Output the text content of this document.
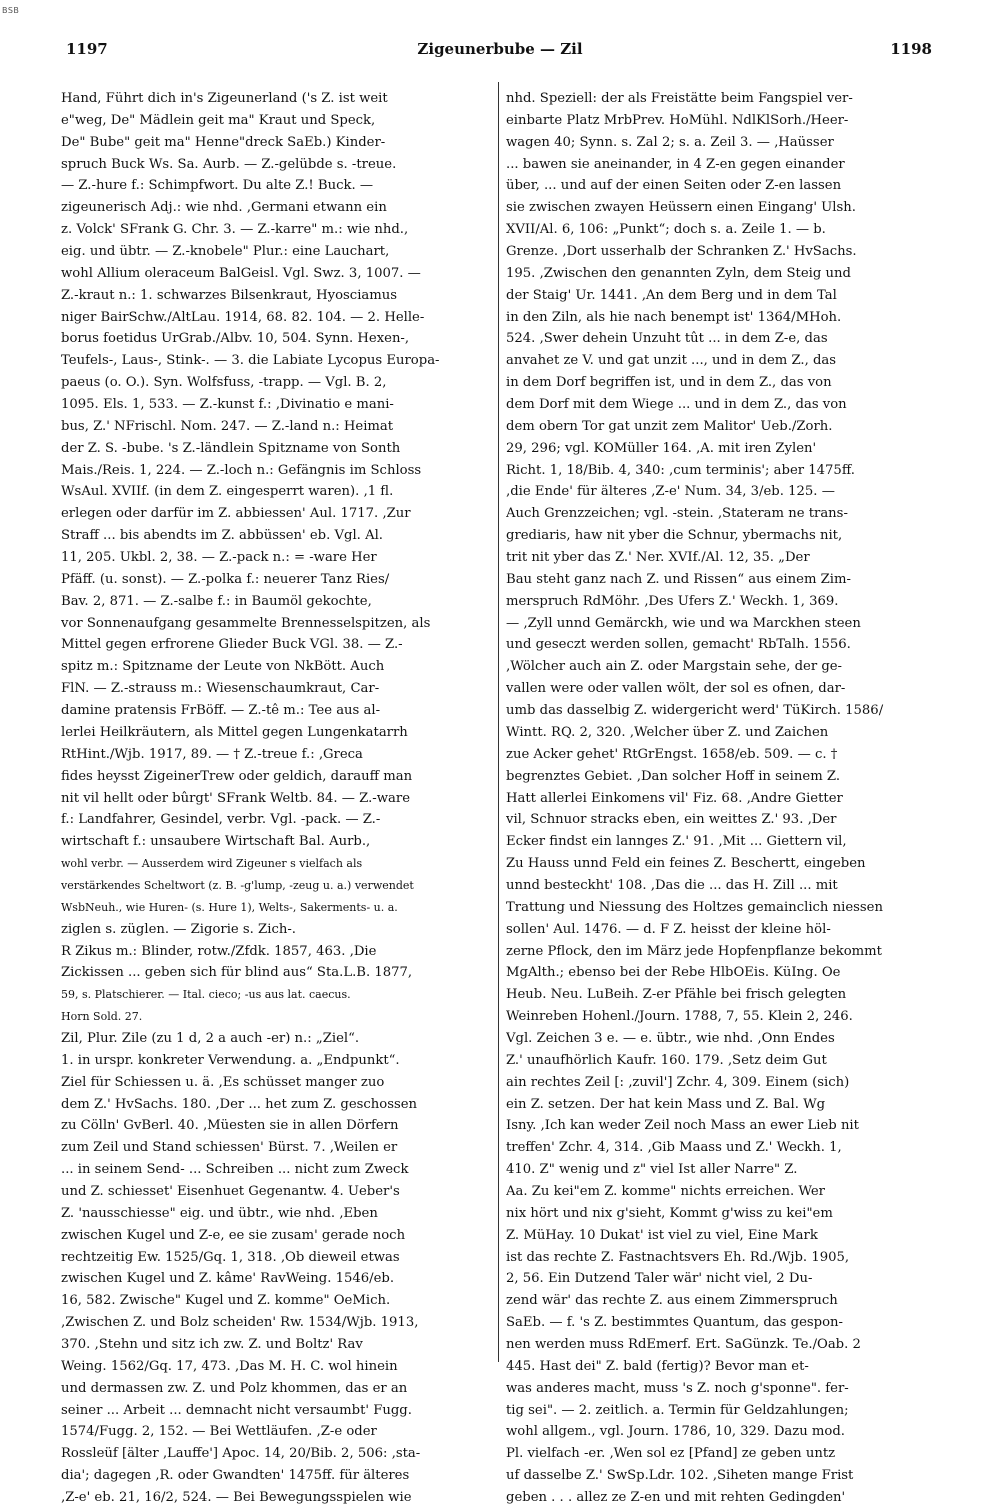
BSB
1197	Zigeunerbube — Zil	1198
Hand, Führt dich in's Zigeunerland ('s Z. ist weit
e"weg, De" Mädlein geit ma" Kraut und Speck,
De" Bube" geit ma" Henne"dreck SaEb.) Kinder-
spruch Buck Ws. Sa. Aurb. — Z.-gelübde s. -treue.
— Z.-hure f.: Schimpfwort. Du alte Z.! Buck. —
zigeunerisch Adj.: wie nhd. ‚Germani etwann ein
z. Volck' SFrank G. Chr. 3. — Z.-karre" m.: wie nhd.,
eig. und übtr. — Z.-knobele" Plur.: eine Lauchart,
wohl Allium oleraceum BalGeisl. Vgl. Swz. 3, 1007. —
Z.-kraut n.: 1. schwarzes Bilsenkraut, Hyosciamus
niger BairSchw./AltLau. 1914, 68. 82. 104. — 2. Helle-
borus foetidus UrGrab./Albv. 10, 504. Synn. Hexen-,
Teufels-, Laus-, Stink-. — 3. die Labiate Lycopus Europa-
paeus (o. O.). Syn. Wolfsfuss, -trapp. — Vgl. B. 2,
1095. Els. 1, 533. — Z.-kunst f.: ‚Divinatio e mani-
bus, Z.' NFrischl. Nom. 247. — Z.-land n.: Heimat
der Z. S. -bube. 's Z.-ländlein Spitzname von Sonth
Mais./Reis. 1, 224. — Z.-loch n.: Gefängnis im Schloss
WsAul. XVIIf. (in dem Z. eingesperrt waren). ‚1 fl.
erlegen oder darfür im Z. abbiessen' Aul. 1717. ‚Zur
Straff ... bis abendts im Z. abbüssen' eb. Vgl. Al.
11, 205. Ukbl. 2, 38. — Z.-pack n.: = -ware Her
Pfäff. (u. sonst). — Z.-polka f.: neuerer Tanz Ries/
Bav. 2, 871. — Z.-salbe f.: in Baumöl gekochte,
vor Sonnenaufgang gesammelte Brennesselspitzen, als
Mittel gegen erfrorene Glieder Buck VGl. 38. — Z.-
spitz m.: Spitzname der Leute von NkBött. Auch
FlN. — Z.-strauss m.: Wiesenschaumkraut, Car-
damine pratensis FrBöff. — Z.-tê m.: Tee aus al-
lerlei Heilkräutern, als Mittel gegen Lungenkatarrh
RtHint./Wjb. 1917, 89. — † Z.-treue f.: ‚Greca
fides heysst ZigeinerTrew oder geldich, darauff man
nit vil hellt oder bûrgt' SFrank Weltb. 84. — Z.-ware
f.: Landfahrer, Gesindel, verbr. Vgl. -pack. — Z.-
wirtschaft f.: unsaubere Wirtschaft Bal. Aurb.,
wohl verbr. — Ausserdem wird Zigeuner s vielfach als
verstärkendes Scheltwort (z. B. -g'lump, -zeug u. a.) verwendet
WsbNeuh., wie Huren- (s. Hure 1), Welts-, Sakerments- u. a.
ziglen s. züglen. — Zigorie s. Zich-.
R Zikus m.: Blinder, rotw./Zfdk. 1857, 463. ‚Die
Zickissen ... geben sich für blind aus“ Sta.L.B. 1877,
59, s. Platschierer. — Ital. cieco; -us aus lat. caecus.
Horn Sold. 27.
Zil, Plur. Zile (zu 1 d, 2 a auch -er) n.: „Ziel“.
1. in urspr. konkreter Verwendung. a. „Endpunkt“.
Ziel für Schiessen u. ä. ‚Es schüsset manger zuo
dem Z.' HvSachs. 180. ‚Der ... het zum Z. geschossen
zu Cölln' GvBerl. 40. ‚Müesten sie in allen Dörfern
zum Zeil und Stand schiessen' Bürst. 7. ‚Weilen er
... in seinem Send- ... Schreiben ... nicht zum Zweck
und Z. schiesset' Eisenhuet Gegenantw. 4. Ueber's
Z. 'nausschiesse" eig. und übtr., wie nhd. ‚Eben
zwischen Kugel und Z-e, ee sie zusam' gerade noch
rechtzeitig Ew. 1525/Gq. 1, 318. ‚Ob dieweil etwas
zwischen Kugel und Z. kâme' RavWeing. 1546/eb.
16, 582. Zwische" Kugel und Z. komme" OeMich.
‚Zwischen Z. und Bolz scheiden' Rw. 1534/Wjb. 1913,
370. ‚Stehn und sitz ich zw. Z. und Boltz' Rav
Weing. 1562/Gq. 17, 473. ‚Das M. H. C. wol hinein
und dermassen zw. Z. und Polz khommen, das er an
seiner ... Arbeit ... demnacht nicht versaumbt' Fugg.
1574/Fugg. 2, 152. — Bei Wettläufen. ‚Z-e oder
Rossleüf [älter ‚Lauffe'] Apoc. 14, 20/Bib. 2, 506: ‚sta-
dia'; dagegen ‚R. oder Gwandten' 1475ff. für älteres
‚Z-e' eb. 21, 16/2, 524. — Bei Bewegungsspielen wie
nhd. Speziell: der als Freistätte beim Fangspiel ver-
einbarte Platz MrbPrev. HoMühl. NdlKlSorh./Heer-
wagen 40; Synn. s. Zal 2; s. a. Zeil 3. — ‚Haüsser
... bawen sie aneinander, in 4 Z-en gegen einander
über, ... und auf der einen Seiten oder Z-en lassen
sie zwischen zwayen Heüssern einen Eingang' Ulsh.
XVII/Al. 6, 106: „Punkt“; doch s. a. Zeile 1. — b.
Grenze. ‚Dort usserhalb der Schranken Z.' HvSachs.
195. ‚Zwischen den genannten Zyln, dem Steig und
der Staig' Ur. 1441. ‚An dem Berg und in dem Tal
in den Ziln, als hie nach benempt ist' 1364/MHoh.
524. ‚Swer dehein Unzuht tût ... in dem Z-e, das
anvahet ze V. und gat unzit ..., und in dem Z., das
in dem Dorf begriffen ist, und in dem Z., das von
dem Dorf mit dem Wiege ... und in dem Z., das von
dem obern Tor gat unzit zem Malitor' Ueb./Zorh.
29, 296; vgl. KOMüller 164. ‚A. mit iren Zylen'
Richt. 1, 18/Bib. 4, 340: ‚cum terminis'; aber 1475ff.
‚die Ende' für älteres ‚Z-e' Num. 34, 3/eb. 125. —
Auch Grenzzeichen; vgl. -stein. ‚Stateram ne trans-
grediaris, haw nit yber die Schnur, ybermachs nit,
trit nit yber das Z.' Ner. XVIf./Al. 12, 35. „Der
Bau steht ganz nach Z. und Rissen“ aus einem Zim-
merspruch RdMöhr. ‚Des Ufers Z.' Weckh. 1, 369.
— ‚Zyll unnd Gemärckh, wie und wa Marckhen steen
und geseczt werden sollen, gemacht' RbTalh. 1556.
‚Wölcher auch ain Z. oder Margstain sehe, der ge-
vallen were oder vallen wölt, der sol es ofnen, dar-
umb das dasselbig Z. widergericht werd' TüKirch. 1586/
Wintt. RQ. 2, 320. ‚Welcher über Z. und Zaichen
zue Acker gehet' RtGrEngst. 1658/eb. 509. — c. †
begrenztes Gebiet. ‚Dan solcher Hoff in seinem Z.
Hatt allerlei Einkomens vil' Fiz. 68. ‚Andre Gietter
vil, Schnuor stracks eben, ein weittes Z.' 93. ‚Der
Ecker findst ein lannges Z.' 91. ‚Mit ... Giettern vil,
Zu Hauss unnd Feld ein feines Z. Beschertt, eingeben
unnd besteckht' 108. ‚Das die ... das H. Zill ... mit
Trattung und Niessung des Holtzes gemainclich niessen
sollen' Aul. 1476. — d. F Z. heisst der kleine höl-
zerne Pflock, den im März jede Hopfenpflanze bekommt
MgAlth.; ebenso bei der Rebe HlbOEis. KüIng. Oe
Heub. Neu. LuBeih. Z-er Pfähle bei frisch gelegten
Weinreben Hohenl./Journ. 1788, 7, 55. Klein 2, 246.
Vgl. Zeichen 3 e. — e. übtr., wie nhd. ‚Onn Endes
Z.' unaufhörlich Kaufr. 160. 179. ‚Setz deim Gut
ain rechtes Zeil [: ‚zuvil'] Zchr. 4, 309. Einem (sich)
ein Z. setzen. Der hat kein Mass und Z. Bal. Wg
Isny. ‚Ich kan weder Zeil noch Mass an ewer Lieb nit
treffen' Zchr. 4, 314. ‚Gib Maass und Z.' Weckh. 1,
410. Z" wenig und z" viel Ist aller Narre" Z.
Aa. Zu kei"em Z. komme" nichts erreichen. Wer
nix hört und nix g'sieht, Kommt g'wiss zu kei"em
Z. MüHay. 10 Dukat' ist viel zu viel, Eine Mark
ist das rechte Z. Fastnachtsvers Eh. Rd./Wjb. 1905,
2, 56. Ein Dutzend Taler wär' nicht viel, 2 Du-
zend wär' das rechte Z. aus einem Zimmerspruch
SaEb. — f. 's Z. bestimmtes Quantum, das gespon-
nen werden muss RdEmerf. Ert. SaGünzk. Te./Oab. 2
445. Hast dei" Z. bald (fertig)? Bevor man et-
was anderes macht, muss 's Z. noch g'sponne". fer-
tig sei". — 2. zeitlich. a. Termin für Geldzahlungen;
wohl allgem., vgl. Journ. 1786, 10, 329. Dazu mod.
Pl. vielfach -er. ‚Wen sol ez [Pfand] ze geben untz
uf dasselbe Z.' SwSp.Ldr. 102. ‚Siheten mange Frist
geben . . . allez ze Z-en und mit rehten Gedingden'
